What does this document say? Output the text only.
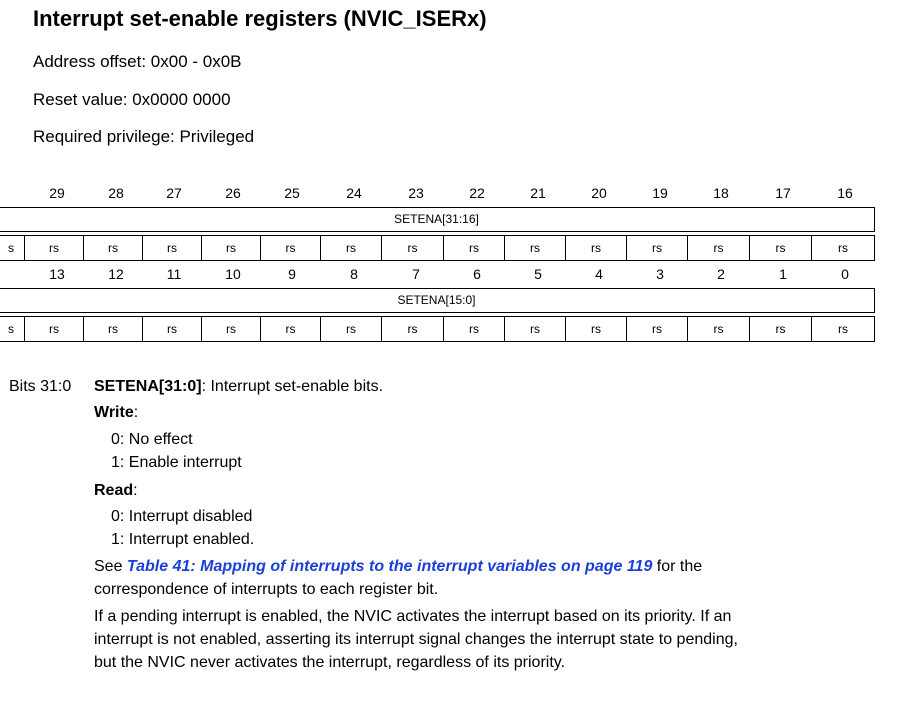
Interrupt set-enable registers (NVIC_ISERx)
Address offset: 0x00 - 0x0B
Reset value: 0x0000 0000
Required privilege: Privileged
29	28	27	26	25	24	23	22	21	20	19	18	17	16
SETENA[31:16]
s	rs	rs	rs	rs	rs	rs	rs	rs	rs	rs	rs	rs	rs	rs
13	12	11	10	9	8	7	6	5	4	3	2	1	0
SETENA[15:0]
s	rs	rs	rs	rs	rs	rs	rs	rs	rs	rs	rs	rs	rs	rs
Bits 31:0 SETENA[31:0]: Interrupt set-enable bits.
Write:
0: No effect
1: Enable interrupt
Read:
0: Interrupt disabled
1: Interrupt enabled.
See Table 41: Mapping of interrupts to the interrupt variables on page 119 for the
correspondence of interrupts to each register bit.
If a pending interrupt is enabled, the NVIC activates the interrupt based on its priority. If an
interrupt is not enabled, asserting its interrupt signal changes the interrupt state to pending,
but the NVIC never activates the interrupt, regardless of its priority.
